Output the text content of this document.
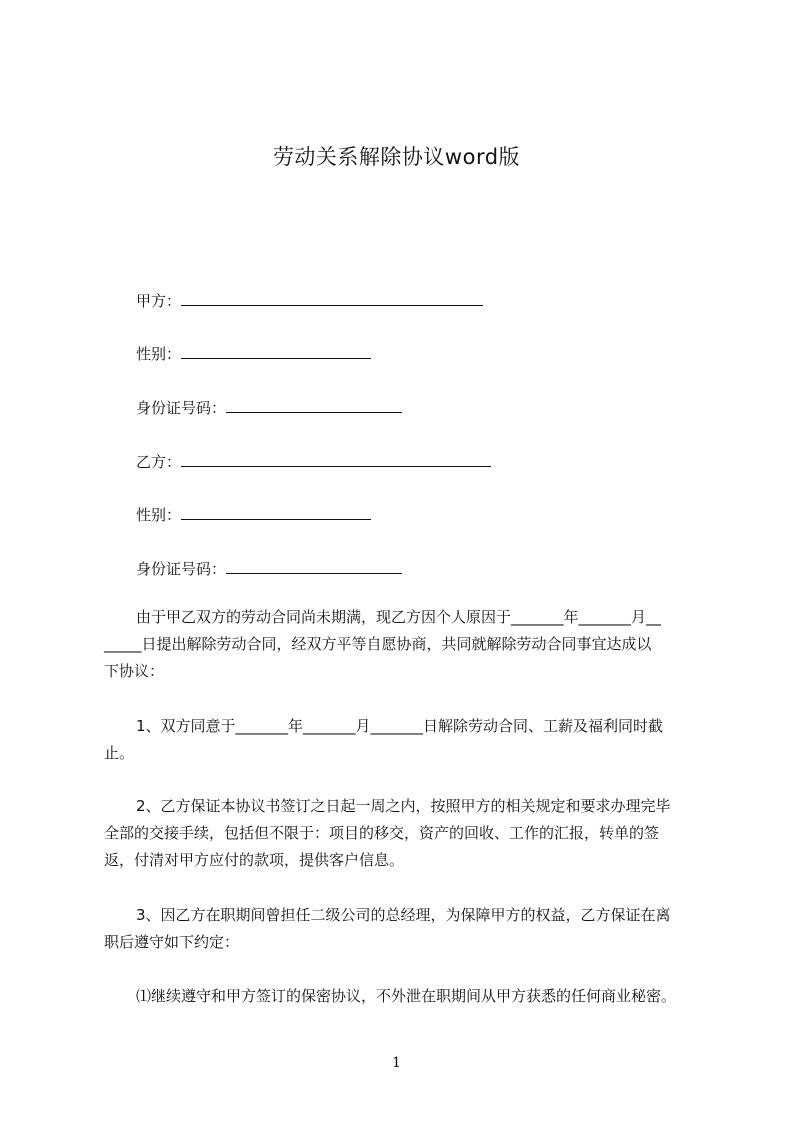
劳动关系解除协议word版
甲方：
性别：
身份证号码：
乙方：
性别：
身份证号码：
由于甲乙双方的劳动合同尚未期满，现乙方因个人原因于_______年_______月__
_____日提出解除劳动合同，经双方平等自愿协商，共同就解除劳动合同事宜达成以
下协议：
1、双方同意于_______年_______月_______日解除劳动合同、工薪及福利同时截
止。
2、乙方保证本协议书签订之日起一周之内，按照甲方的相关规定和要求办理完毕
全部的交接手续，包括但不限于：项目的移交，资产的回收、工作的汇报，转单的签
返，付清对甲方应付的款项，提供客户信息。
3、因乙方在职期间曾担任二级公司的总经理，为保障甲方的权益，乙方保证在离
职后遵守如下约定：
⑴继续遵守和甲方签订的保密协议，不外泄在职期间从甲方获悉的任何商业秘密。
1
